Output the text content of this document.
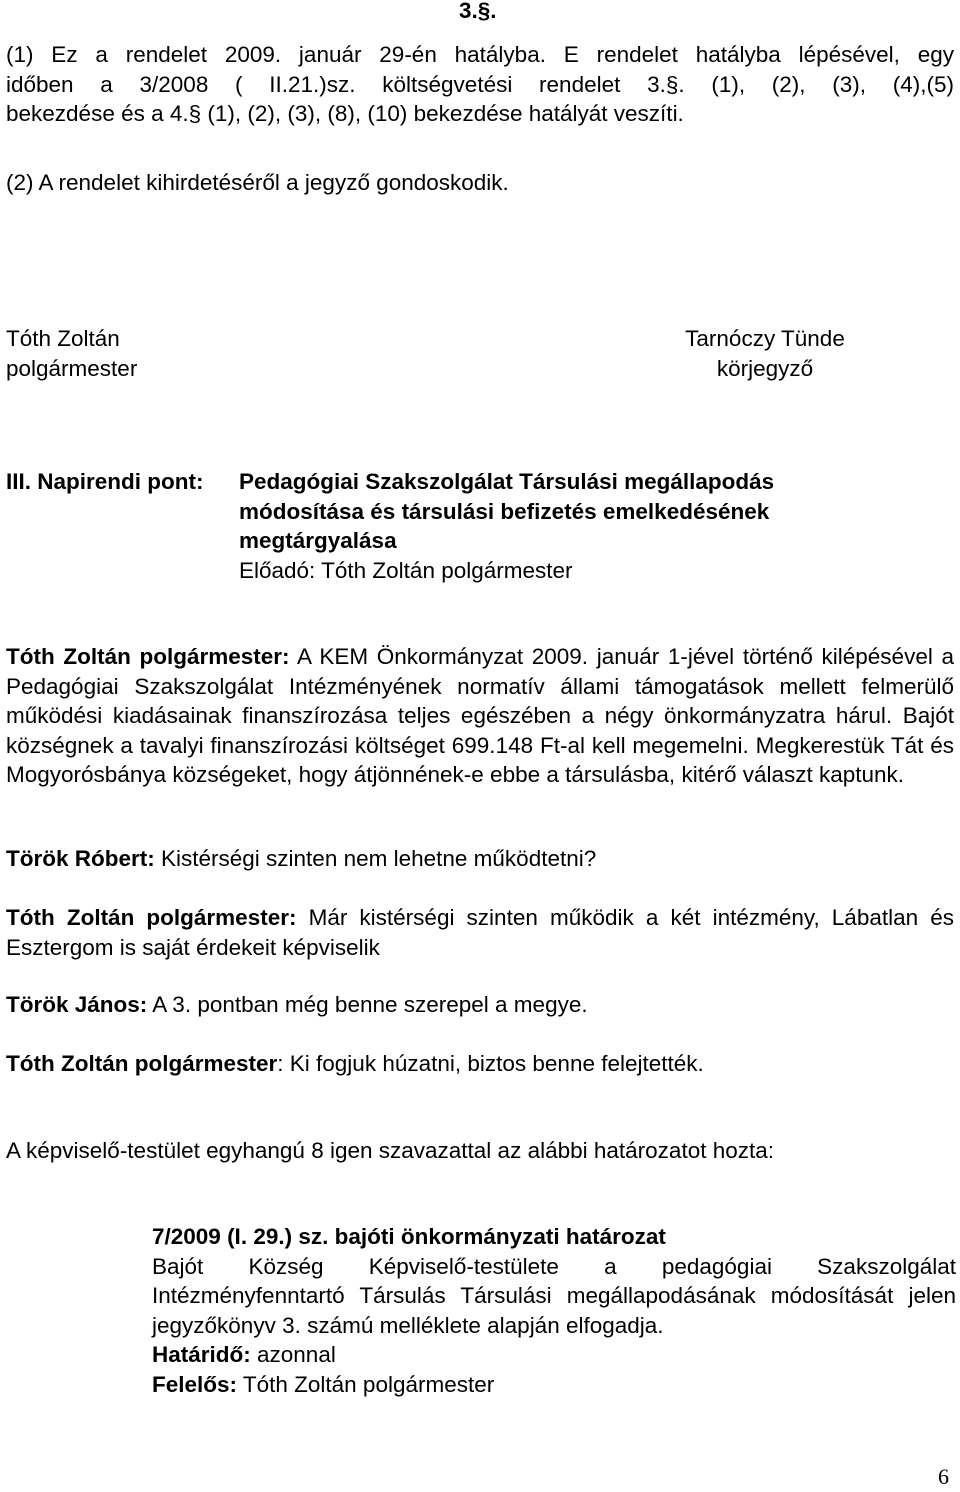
3.§.
(1) Ez a rendelet 2009. január 29-én hatályba. E rendelet hatályba lépésével, egy
időben a 3/2008 ( II.21.)sz. költségvetési rendelet 3.§. (1), (2), (3), (4),(5)
bekezdése és a 4.§ (1), (2), (3), (8), (10) bekezdése hatályát veszíti.
(2) A rendelet kihirdetéséről a jegyző gondoskodik.
Tóth Zoltán
polgármester
Tarnóczy Tünde
körjegyző
III. Napirendi pont: Pedagógiai Szakszolgálat Társulási megállapodás
módosítása és társulási befizetés emelkedésének
megtárgyalása
Előadó: Tóth Zoltán polgármester

Tóth Zoltán polgármester: A KEM Önkormányzat 2009. január 1-jével történő kilépésével a Pedagógiai Szakszolgálat Intézményének normatív állami támogatások mellett felmerülő működési kiadásainak finanszírozása teljes egészében a négy önkormányzatra hárul. Bajót községnek a tavalyi finanszírozási költséget 699.148 Ft-al kell megemelni. Megkerestük Tát és Mogyorósbánya községeket, hogy átjönnének-e ebbe a társulásba, kitérő választ kaptunk.

Török Róbert: Kistérségi szinten nem lehetne működtetni?

Tóth Zoltán polgármester: Már kistérségi szinten működik a két intézmény, Lábatlan és Esztergom is saját érdekeit képviselik

Török János: A 3. pontban még benne szerepel a megye.

Tóth Zoltán polgármester: Ki fogjuk húzatni, biztos benne felejtették.

A képviselő-testület egyhangú 8 igen szavazattal az alábbi határozatot hozta:
7/2009 (I. 29.) sz. bajóti önkormányzati határozat
Bajót Község Képviselő-testülete a pedagógiai Szakszolgálat Intézményfenntartó Társulás Társulási megállapodásának módosítását jelen jegyzőkönyv 3. számú melléklete alapján elfogadja.
Határidő: azonnal
Felelős: Tóth Zoltán polgármester
6
